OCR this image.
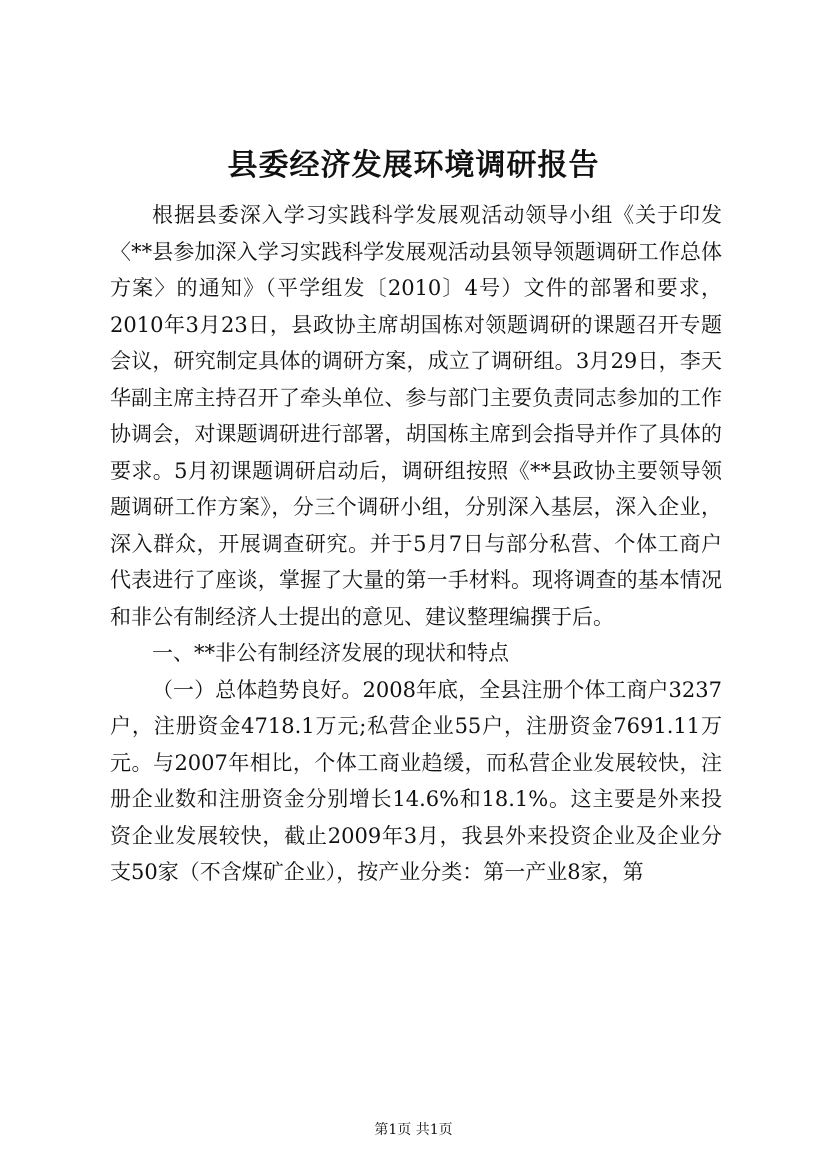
县委经济发展环境调研报告

根据县委深入学习实践科学发展观活动领导小组《关于印发〈**县参加深入学习实践科学发展观活动县领导领题调研工作总体方案〉的通知》（平学组发〔2010〕4号）文件的部署和要求，2010年3月23日，县政协主席胡国栋对领题调研的课题召开专题会议，研究制定具体的调研方案，成立了调研组。3月29日，李天华副主席主持召开了牵头单位、参与部门主要负责同志参加的工作协调会，对课题调研进行部署，胡国栋主席到会指导并作了具体的要求。5月初课题调研启动后，调研组按照《**县政协主要领导领题调研工作方案》，分三个调研小组，分别深入基层，深入企业，深入群众，开展调查研究。并于5月7日与部分私营、个体工商户代表进行了座谈，掌握了大量的第一手材料。现将调查的基本情况和非公有制经济人士提出的意见、建议整理编撰于后。

一、**非公有制经济发展的现状和特点

（一）总体趋势良好。2008年底，全县注册个体工商户3237户，注册资金4718.1万元;私营企业55户，注册资金7691.11万元。与2007年相比，个体工商业趋缓，而私营企业发展较快，注册企业数和注册资金分别增长14.6%和18.1%。这主要是外来投资企业发展较快，截止2009年3月，我县外来投资企业及企业分支50家（不含煤矿企业），按产业分类：第一产业8家，第

第1页 共1页
